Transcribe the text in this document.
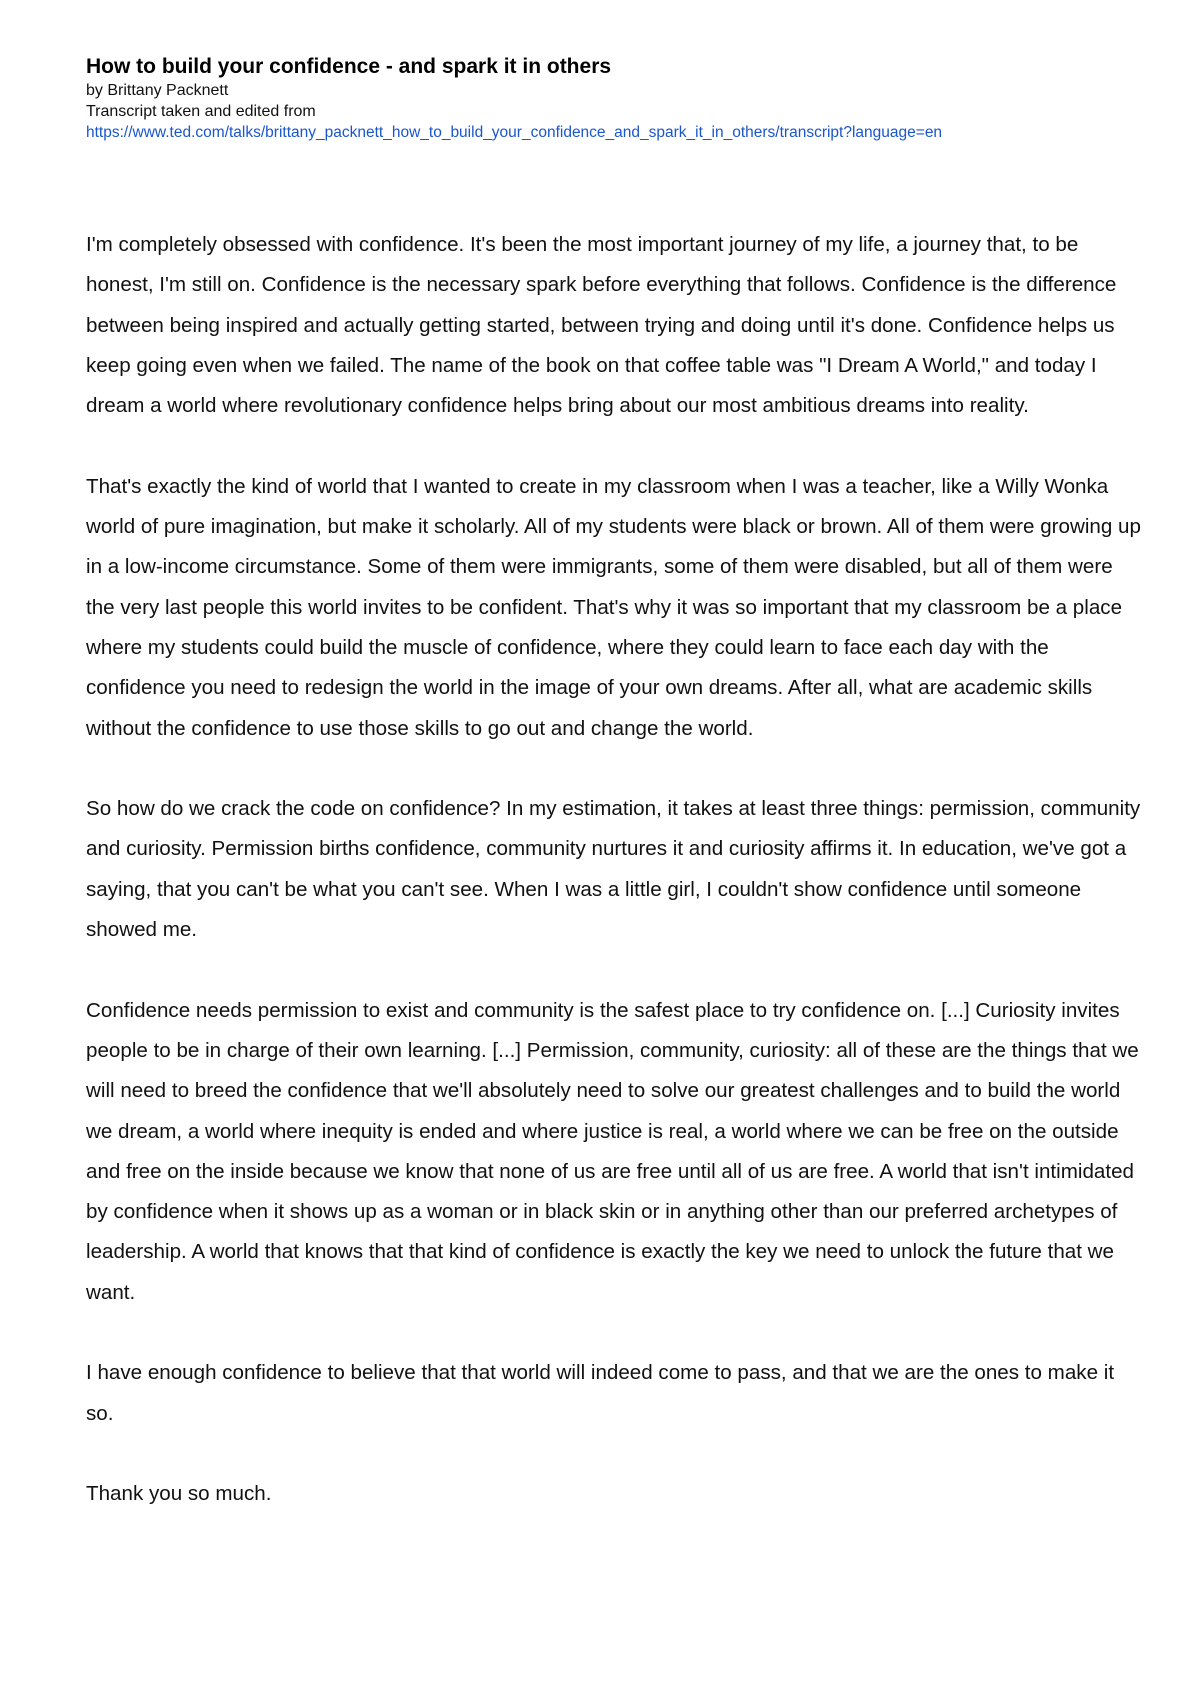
How to build your confidence - and spark it in others

by Brittany Packnett

Transcript taken and edited from

https://www.ted.com/talks/brittany_packnett_how_to_build_your_confidence_and_spark_it_in_others/transcript?language=en

I'm completely obsessed with confidence. It's been the most important journey of my life, a journey that, to be honest, I'm still on. Confidence is the necessary spark before everything that follows. Confidence is the difference between being inspired and actually getting started, between trying and doing until it's done. Confidence helps us keep going even when we failed. The name of the book on that coffee table was "I Dream A World," and today I dream a world where revolutionary confidence helps bring about our most ambitious dreams into reality.

That's exactly the kind of world that I wanted to create in my classroom when I was a teacher, like a Willy Wonka world of pure imagination, but make it scholarly. All of my students were black or brown. All of them were growing up in a low-income circumstance. Some of them were immigrants, some of them were disabled, but all of them were the very last people this world invites to be confident. That's why it was so important that my classroom be a place where my students could build the muscle of confidence, where they could learn to face each day with the confidence you need to redesign the world in the image of your own dreams. After all, what are academic skills without the confidence to use those skills to go out and change the world.

So how do we crack the code on confidence? In my estimation, it takes at least three things: permission, community and curiosity. Permission births confidence, community nurtures it and curiosity affirms it. In education, we've got a saying, that you can't be what you can't see. When I was a little girl, I couldn't show confidence until someone showed me.

Confidence needs permission to exist and community is the safest place to try confidence on. [...] Curiosity invites people to be in charge of their own learning. [...] Permission, community, curiosity: all of these are the things that we will need to breed the confidence that we'll absolutely need to solve our greatest challenges and to build the world we dream, a world where inequity is ended and where justice is real, a world where we can be free on the outside and free on the inside because we know that none of us are free until all of us are free. A world that isn't intimidated by confidence when it shows up as a woman or in black skin or in anything other than our preferred archetypes of leadership. A world that knows that that kind of confidence is exactly the key we need to unlock the future that we want.

I have enough confidence to believe that that world will indeed come to pass, and that we are the ones to make it so.

Thank you so much.
